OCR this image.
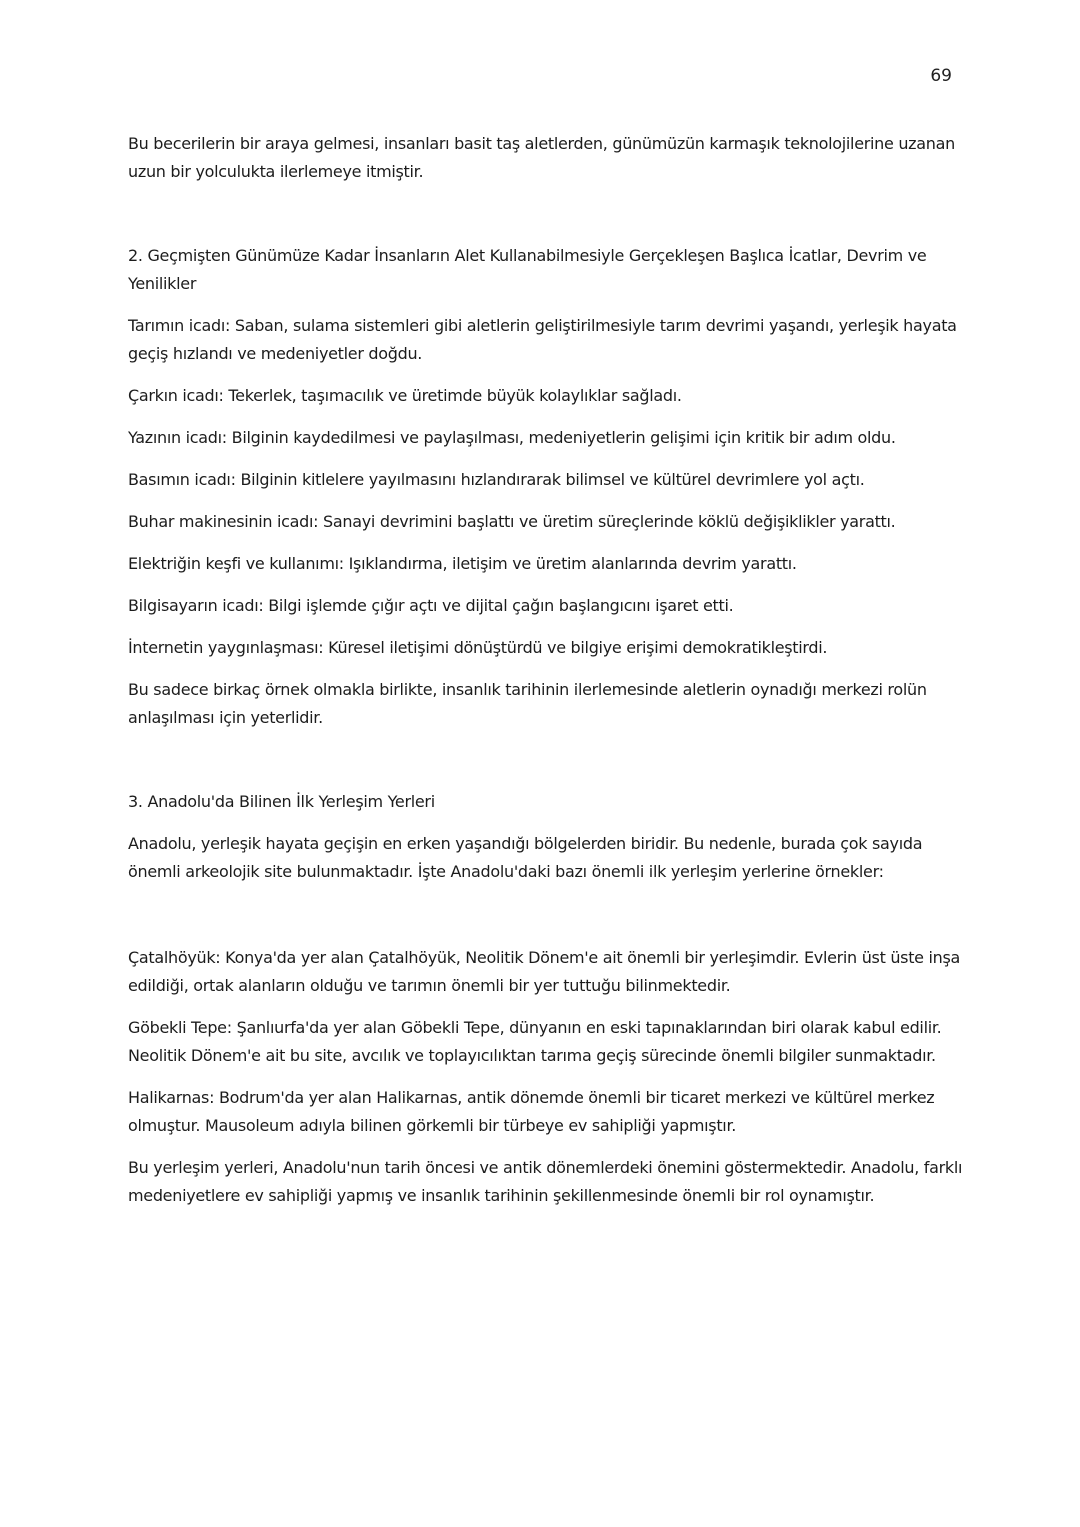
69

Bu becerilerin bir araya gelmesi, insanları basit taş aletlerden, günümüzün karmaşık teknolojilerine uzanan uzun bir yolculukta ilerlemeye itmiştir.

2. Geçmişten Günümüze Kadar İnsanların Alet Kullanabilmesiyle Gerçekleşen Başlıca İcatlar, Devrim ve Yenilikler

Tarımın icadı: Saban, sulama sistemleri gibi aletlerin geliştirilmesiyle tarım devrimi yaşandı, yerleşik hayata geçiş hızlandı ve medeniyetler doğdu.

Çarkın icadı: Tekerlek, taşımacılık ve üretimde büyük kolaylıklar sağladı.

Yazının icadı: Bilginin kaydedilmesi ve paylaşılması, medeniyetlerin gelişimi için kritik bir adım oldu.

Basımın icadı: Bilginin kitlelere yayılmasını hızlandırarak bilimsel ve kültürel devrimlere yol açtı.

Buhar makinesinin icadı: Sanayi devrimini başlattı ve üretim süreçlerinde köklü değişiklikler yarattı.

Elektriğin keşfi ve kullanımı: Işıklandırma, iletişim ve üretim alanlarında devrim yarattı.

Bilgisayarın icadı: Bilgi işlemde çığır açtı ve dijital çağın başlangıcını işaret etti.

İnternetin yaygınlaşması: Küresel iletişimi dönüştürdü ve bilgiye erişimi demokratikleştirdi.

Bu sadece birkaç örnek olmakla birlikte, insanlık tarihinin ilerlemesinde aletlerin oynadığı merkezi rolün anlaşılması için yeterlidir.

3. Anadolu'da Bilinen İlk Yerleşim Yerleri

Anadolu, yerleşik hayata geçişin en erken yaşandığı bölgelerden biridir. Bu nedenle, burada çok sayıda önemli arkeolojik site bulunmaktadır. İşte Anadolu'daki bazı önemli ilk yerleşim yerlerine örnekler:

Çatalhöyük: Konya'da yer alan Çatalhöyük, Neolitik Dönem'e ait önemli bir yerleşimdir. Evlerin üst üste inşa edildiği, ortak alanların olduğu ve tarımın önemli bir yer tuttuğu bilinmektedir.

Göbekli Tepe: Şanlıurfa'da yer alan Göbekli Tepe, dünyanın en eski tapınaklarından biri olarak kabul edilir. Neolitik Dönem'e ait bu site, avcılık ve toplayıcılıktan tarıma geçiş sürecinde önemli bilgiler sunmaktadır.

Halikarnas: Bodrum'da yer alan Halikarnas, antik dönemde önemli bir ticaret merkezi ve kültürel merkez olmuştur. Mausoleum adıyla bilinen görkemli bir türbeye ev sahipliği yapmıştır.

Bu yerleşim yerleri, Anadolu'nun tarih öncesi ve antik dönemlerdeki önemini göstermektedir. Anadolu, farklı medeniyetlere ev sahipliği yapmış ve insanlık tarihinin şekillenmesinde önemli bir rol oynamıştır.
